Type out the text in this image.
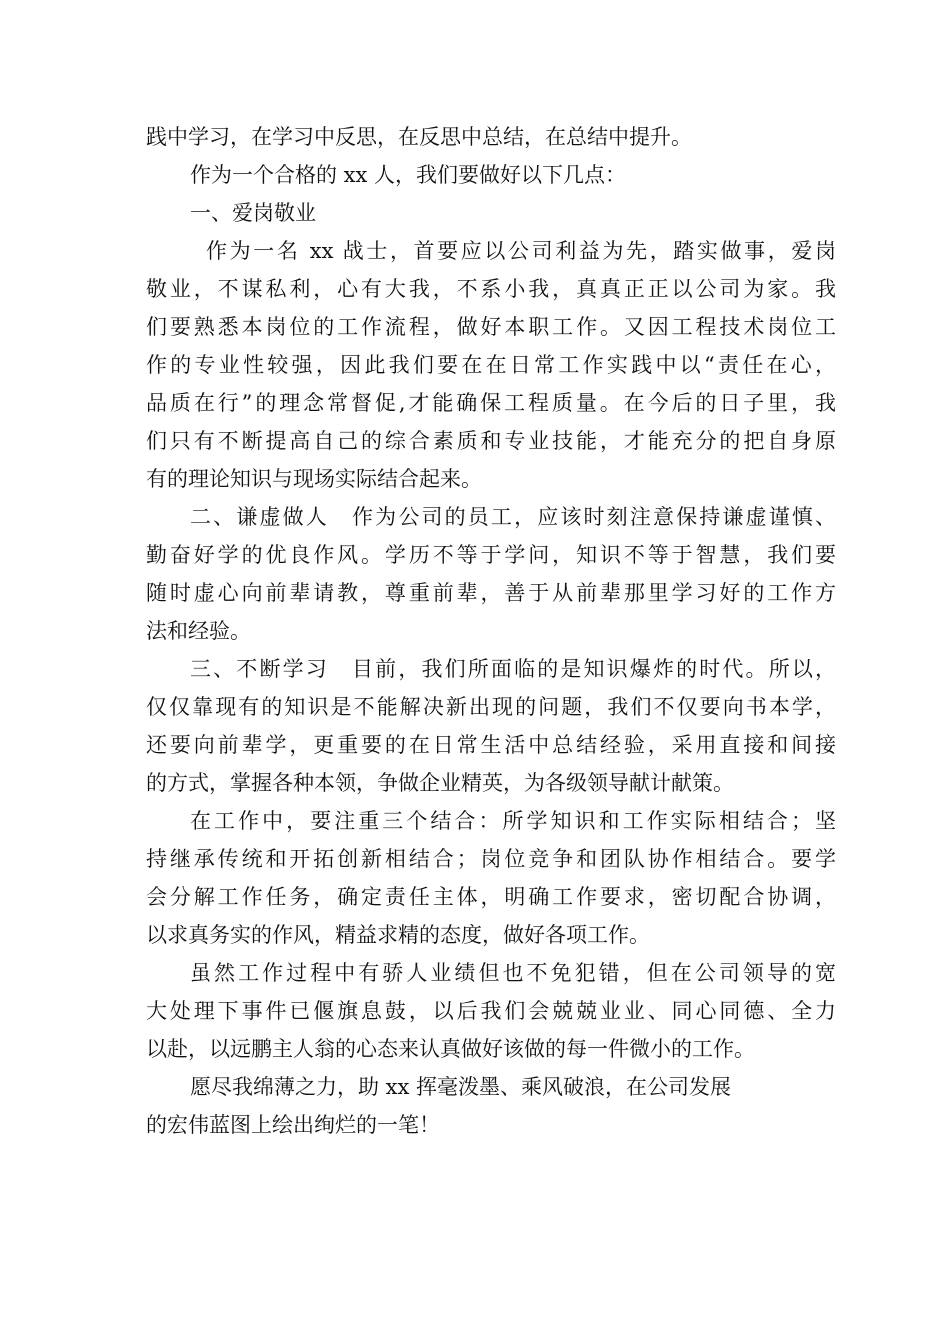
践中学习，在学习中反思，在反思中总结，在总结中提升。
作为一个合格的 xx 人，我们要做好以下几点：
一、爱岗敬业
作为一名 xx 战士，首要应以公司利益为先，踏实做事，爱岗
敬业，不谋私利，心有大我，不系小我，真真正正以公司为家。我
们要熟悉本岗位的工作流程，做好本职工作。又因工程技术岗位工
作的专业性较强，因此我们要在在日常工作实践中以“责任在心，
品质在行”的理念常督促,才能确保工程质量。在今后的日子里，我
们只有不断提高自己的综合素质和专业技能，才能充分的把自身原
有的理论知识与现场实际结合起来。
二、谦虚做人　作为公司的员工，应该时刻注意保持谦虚谨慎、
勤奋好学的优良作风。学历不等于学问，知识不等于智慧，我们要
随时虚心向前辈请教，尊重前辈，善于从前辈那里学习好的工作方
法和经验。
三、不断学习　目前，我们所面临的是知识爆炸的时代。所以，
仅仅靠现有的知识是不能解决新出现的问题，我们不仅要向书本学，
还要向前辈学，更重要的在日常生活中总结经验，采用直接和间接
的方式，掌握各种本领，争做企业精英，为各级领导献计献策。
在工作中，要注重三个结合：所学知识和工作实际相结合；坚
持继承传统和开拓创新相结合；岗位竞争和团队协作相结合。要学
会分解工作任务，确定责任主体，明确工作要求，密切配合协调，
以求真务实的作风，精益求精的态度，做好各项工作。
虽然工作过程中有骄人业绩但也不免犯错，但在公司领导的宽
大处理下事件已偃旗息鼓，以后我们会兢兢业业、同心同德、全力
以赴，以远鹏主人翁的心态来认真做好该做的每一件微小的工作。
愿尽我绵薄之力，助 xx 挥毫泼墨、乘风破浪，在公司发展
的宏伟蓝图上绘出绚烂的一笔！
